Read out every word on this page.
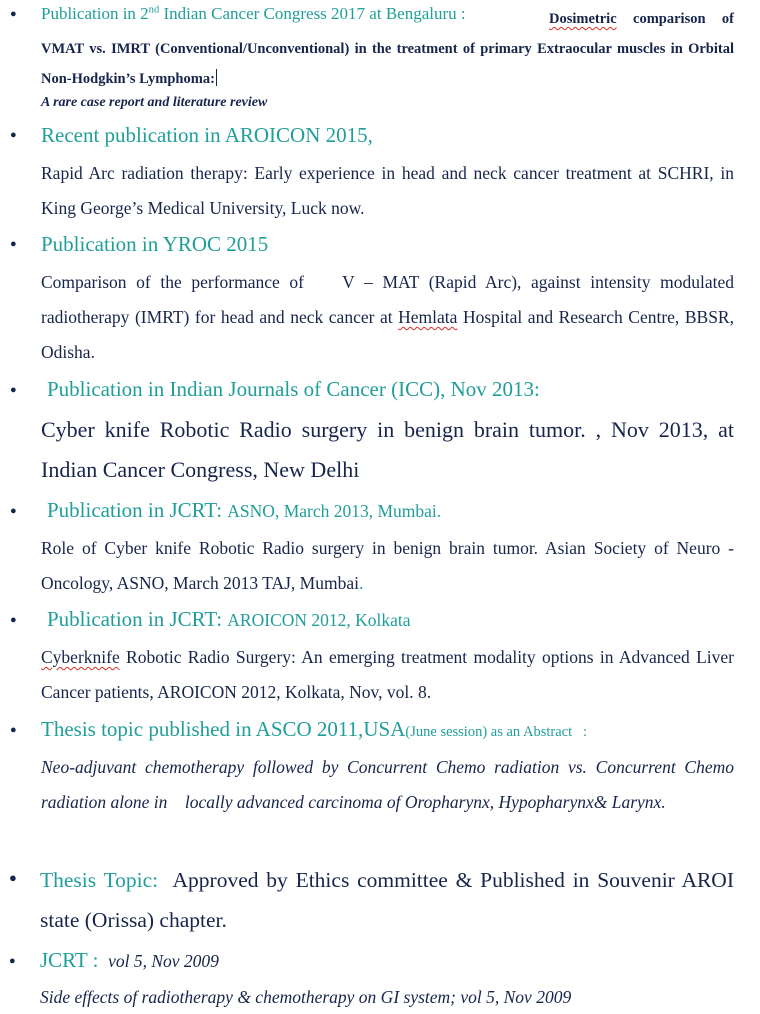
● Publication in 2nd Indian Cancer Congress 2017 at Bengaluru :	Dosimetric comparison of VMAT vs. IMRT (Conventional/Unconventional) in the treatment of primary Extraocular muscles in Orbital Non-Hodgkin’s Lymphoma:
A rare case report and literature review
● Recent publication in AROICON 2015,
Rapid Arc radiation therapy: Early experience in head and neck cancer treatment at SCHRI, in King George’s Medical University, Luck now.
● Publication in YROC 2015
Comparison of the performance of    V – MAT (Rapid Arc), against intensity modulated radiotherapy (IMRT) for head and neck cancer at Hemlata Hospital and Research Centre, BBSR, Odisha.
● Publication in Indian Journals of Cancer (ICC), Nov 2013:
Cyber knife Robotic Radio surgery in benign brain tumor. , Nov 2013, at Indian Cancer Congress, New Delhi
● Publication in JCRT: ASNO, March 2013, Mumbai.
Role of Cyber knife Robotic Radio surgery in benign brain tumor. Asian Society of Neuro -Oncology, ASNO, March 2013 TAJ, Mumbai.
● Publication in JCRT: AROICON 2012, Kolkata
Cyberknife Robotic Radio Surgery: An emerging treatment modality options in Advanced Liver Cancer patients, AROICON 2012, Kolkata, Nov, vol. 8.
● Thesis topic published in ASCO 2011,USA(June session) as an Abstract   :
Neo-adjuvant chemotherapy followed by Concurrent Chemo radiation vs. Concurrent Chemo     radiation alone in    locally advanced carcinoma of Oropharynx, Hypopharynx& Larynx.
● Thesis Topic:  Approved by Ethics committee & Published in Souvenir AROI state (Orissa) chapter.
● JCRT :  vol 5, Nov 2009
Side effects of radiotherapy & chemotherapy on GI system; vol 5, Nov 2009
